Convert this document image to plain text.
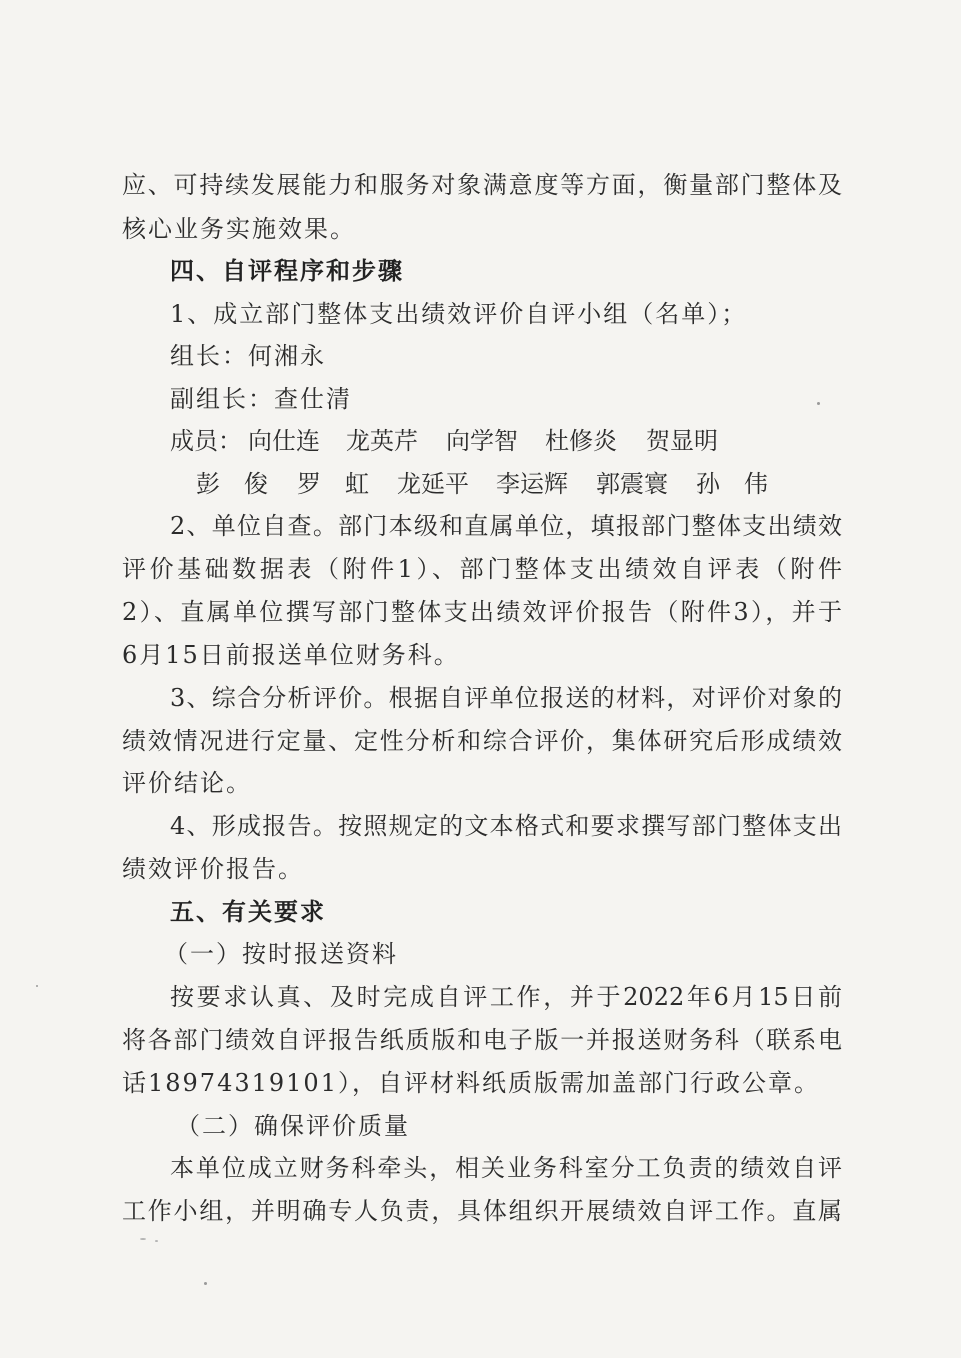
应、可持续发展能力和服务对象满意度等方面，衡量部门整体及
核心业务实施效果。
四、自评程序和步骤
1、成立部门整体支出绩效评价自评小组（名单）；
组长：何湘永
副组长：查仕清
成员： 向仕连 龙英芹 向学智 杜修炎 贺显明
彭　俊 罗　虹 龙延平 李运辉 郭震寰 孙　伟
2、单位自查。部门本级和直属单位，填报部门整体支出绩效
评价基础数据表（附件1）、部门整体支出绩效自评表（附件
2）、直属单位撰写部门整体支出绩效评价报告（附件3），并于
6月15日前报送单位财务科。
3、综合分析评价。根据自评单位报送的材料，对评价对象的
绩效情况进行定量、定性分析和综合评价，集体研究后形成绩效
评价结论。
4、形成报告。按照规定的文本格式和要求撰写部门整体支出
绩效评价报告。
五、有关要求
（一）按时报送资料
按要求认真、及时完成自评工作，并于2022年6月15日前
将各部门绩效自评报告纸质版和电子版一并报送财务科（联系电
话18974319101），自评材料纸质版需加盖部门行政公章。
（二）确保评价质量
本单位成立财务科牵头，相关业务科室分工负责的绩效自评
工作小组，并明确专人负责，具体组织开展绩效自评工作。直属
